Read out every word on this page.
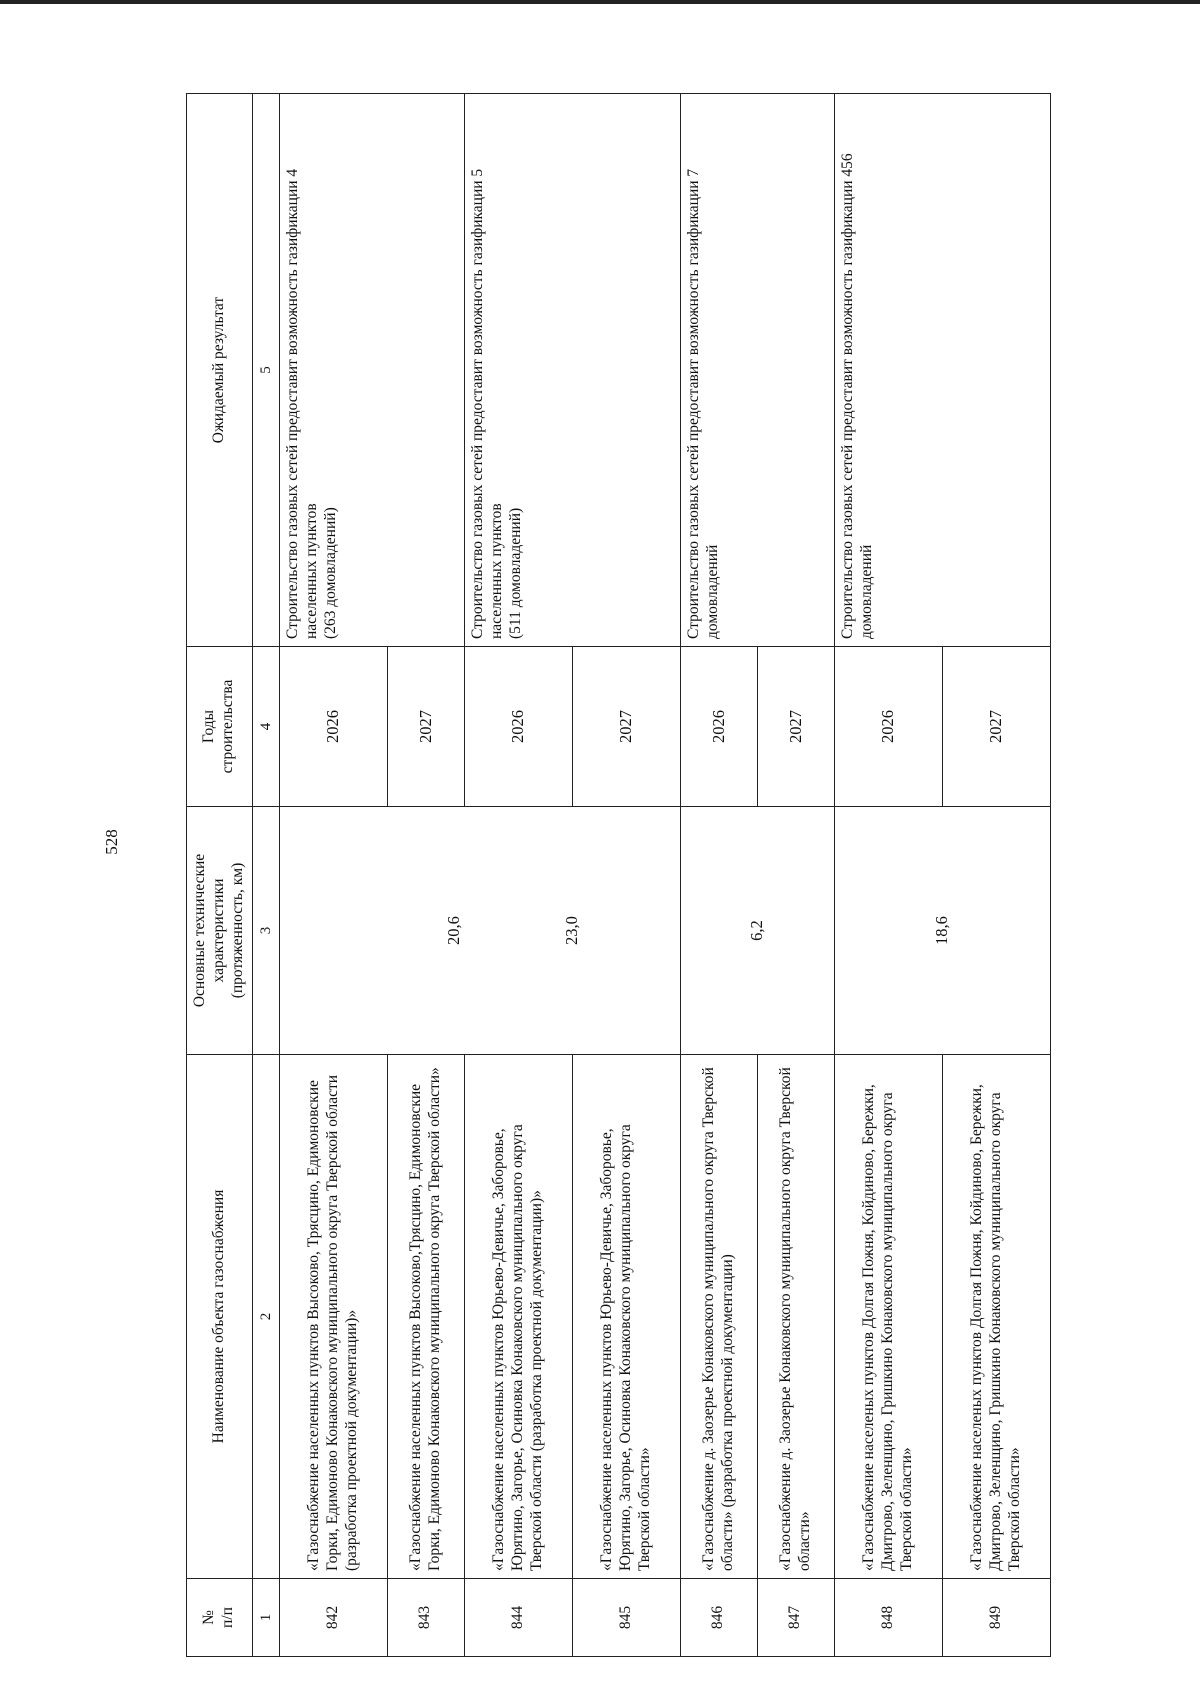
528
№
п/п	Наименование объекта газоснабжения	Основные технические
характеристики
(протяженность, км)	Годы
строительства	Ожидаемый результат
1	2	3	4	5
842	«Газоснабжение населенных пунктов Высоково, Трясцино, Едимоновские Горки, Едимоново Конаковского муниципального округа Тверской области (разработка проектной документации)»	20,6	2026	Строительство газовых сетей предоставит возможность газификации 4 населенных пунктов
(263 домовладений)
843	«Газоснабжение населенных пунктов Высоково,Трясцино, Едимоновские Горки, Едимоново Конаковского муниципального округа Тверской области»		2027	
844	«Газоснабжение населенных пунктов Юрьево-Девичье, Заборовье, Юрятино, Загорье, Осиновка Конаковского муниципального округа Тверской области (разработка проектной документации)»	23,0	2026	Строительство газовых сетей предоставит возможность газификации 5 населенных пунктов
(511 домовладений)
845	«Газоснабжение населенных пунктов Юрьево-Девичье, Заборовье, Юрятино, Загорье, Осиновка Конаковского муниципального округа Тверской области»		2027	
846	«Газоснабжение д. Заозерье Конаковского муниципального округа Тверской области» (разработка проектной документации)	6,2	2026	Строительство газовых сетей предоставит возможность газификации 7 домовладений
847	«Газоснабжение д. Заозерье Конаковского муниципального округа Тверской области»		2027	
848	«Газоснабжение населеных пунктов Долгая Пожня, Койдиново, Бережки, Дмитрово, Зеленщино, Гришкино Конаковского муниципального округа Тверской области»	18,6	2026	Строительство газовых сетей предоставит возможность газификации 456 домовладений
849	«Газоснабжение населеных пунктов Долгая Пожня, Койдиново, Бережки, Дмитрово, Зеленщино, Гришкино Конаковского муниципального округа Тверской области»		2027	
